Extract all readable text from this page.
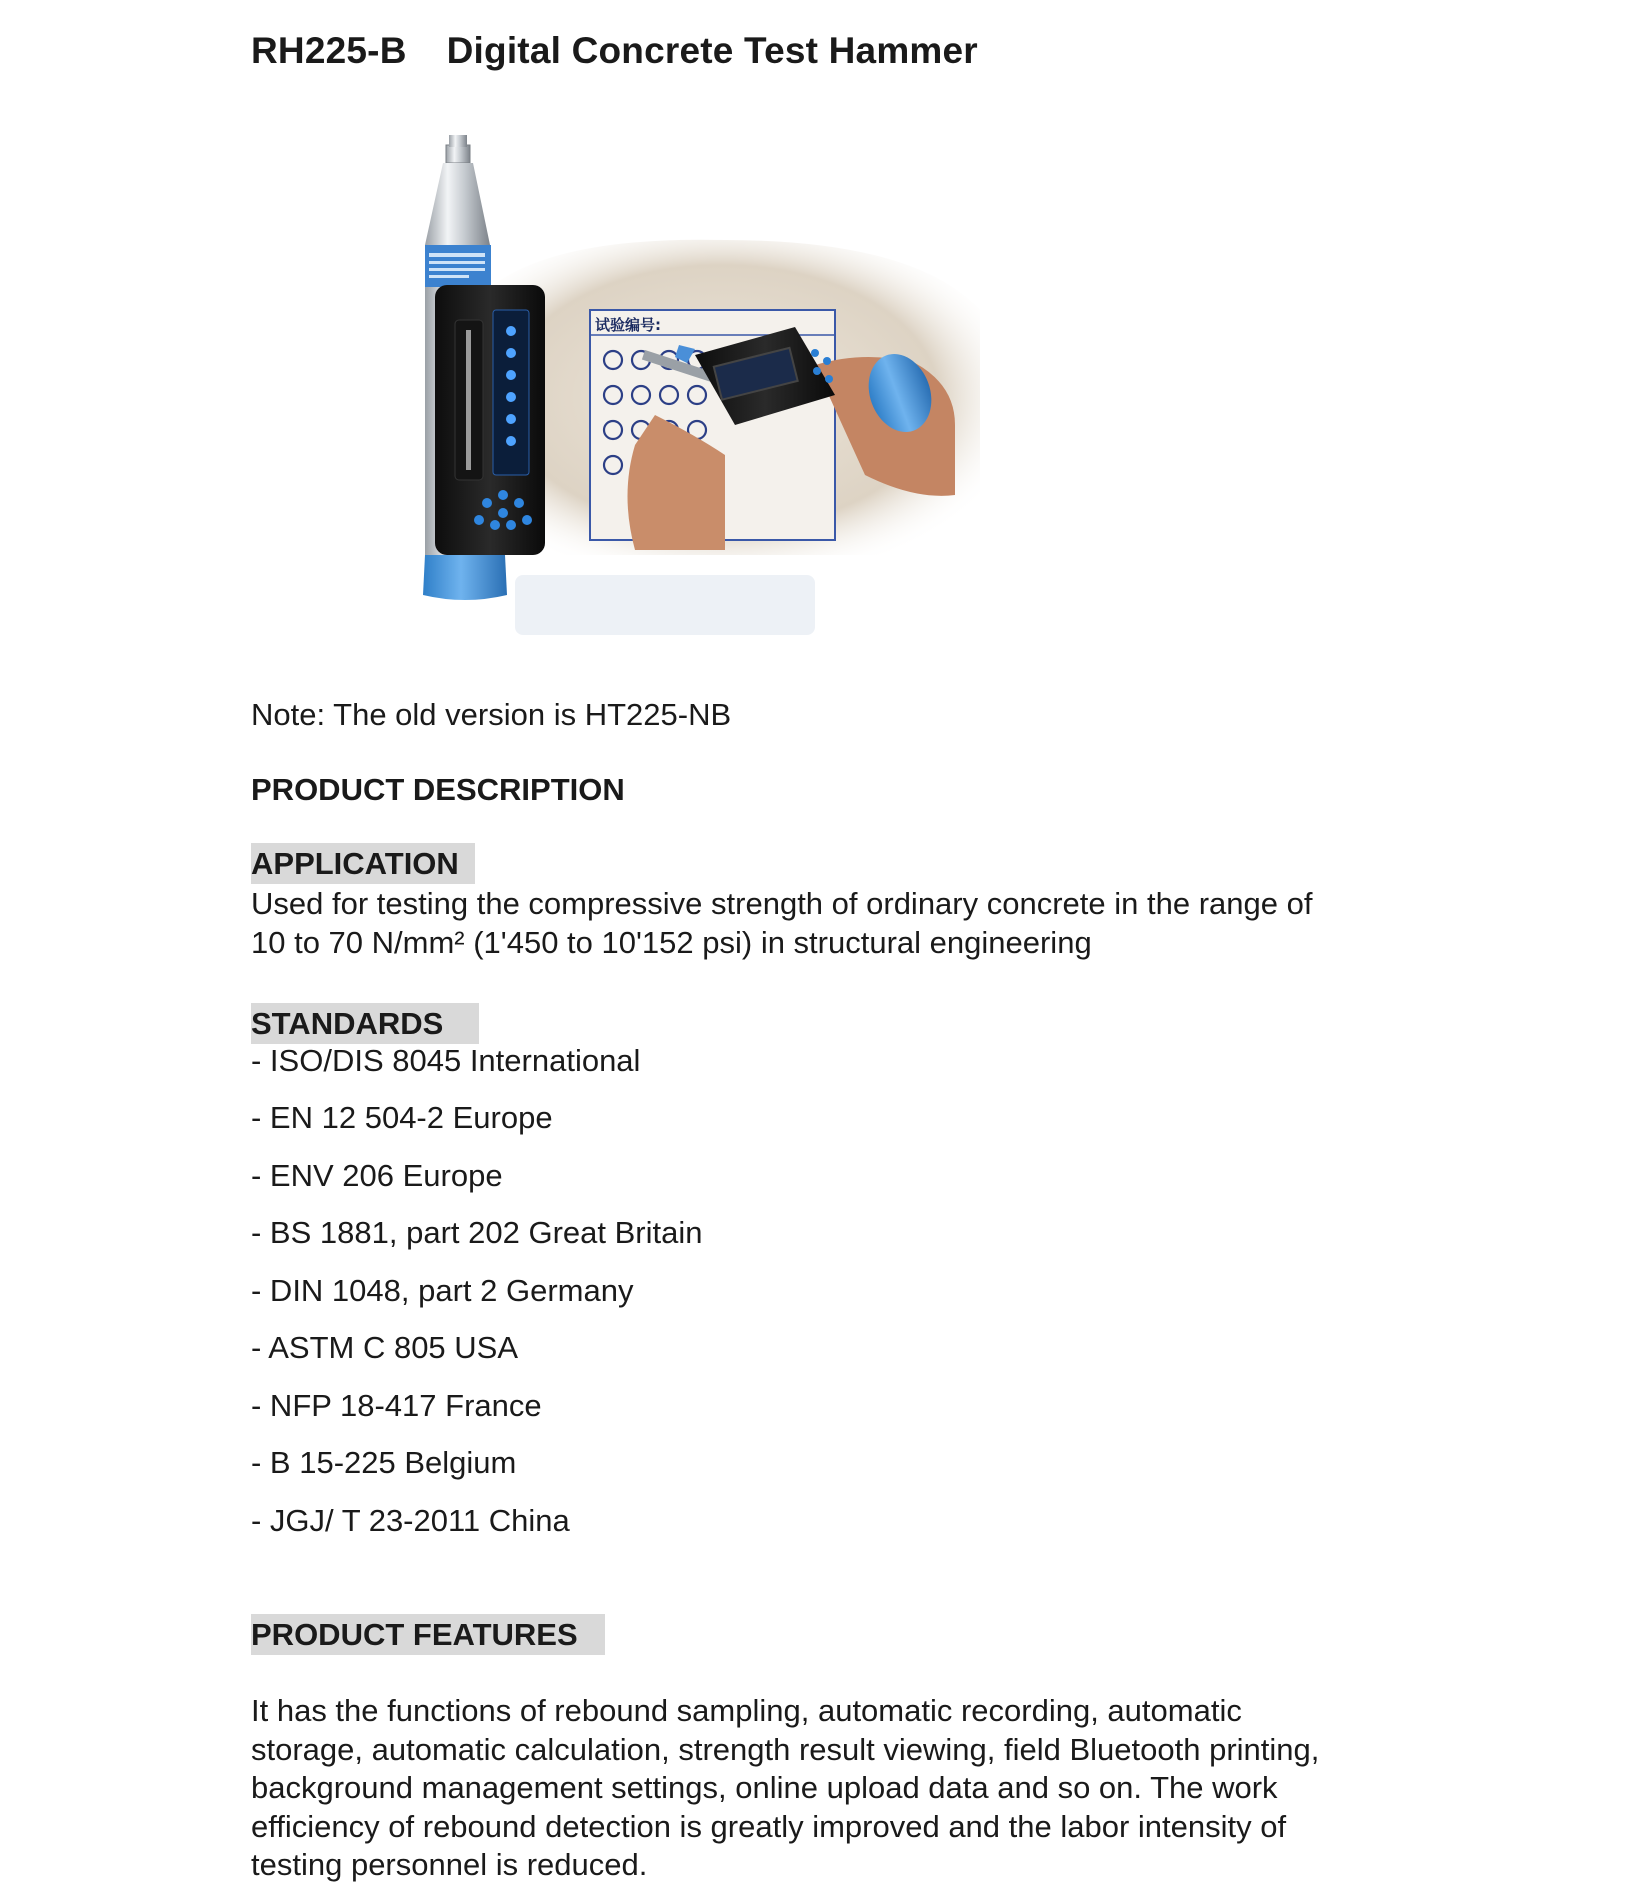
RH225-B Digital Concrete Test Hammer
试验编号:
Note: The old version is HT225-NB
PRODUCT DESCRIPTION
APPLICATION
Used for testing the compressive strength of ordinary concrete in the range of
10 to 70 N/mm² (1'450 to 10'152 psi) in structural engineering
STANDARDS
- ISO/DIS 8045 International
- EN 12 504-2 Europe
- ENV 206 Europe
- BS 1881, part 202 Great Britain
- DIN 1048, part 2 Germany
- ASTM C 805 USA
- NFP 18-417 France
- B 15-225 Belgium
- JGJ/ T 23-2011 China
PRODUCT FEATURES
It has the functions of rebound sampling, automatic recording, automatic
storage, automatic calculation, strength result viewing, field Bluetooth printing,
background management settings, online upload data and so on. The work
efficiency of rebound detection is greatly improved and the labor intensity of
testing personnel is reduced.
